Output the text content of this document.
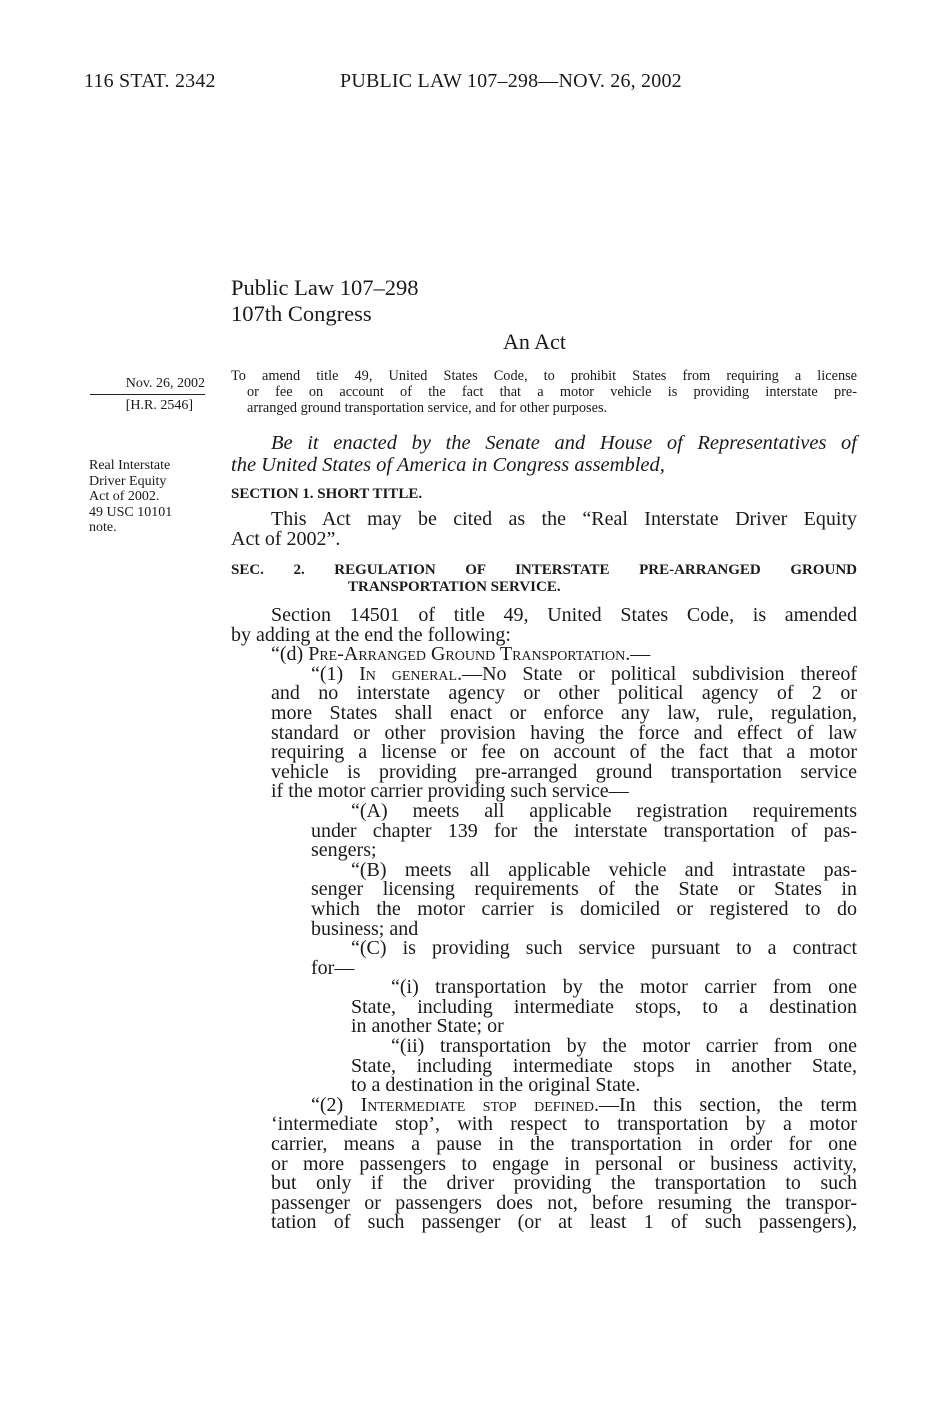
116 STAT. 2342	PUBLIC LAW 107–298—NOV. 26, 2002
Public Law 107–298
107th Congress
An Act
Nov. 26, 2002
[H.R. 2546]
To amend title 49, United States Code, to prohibit States from requiring a license
or fee on account of the fact that a motor vehicle is providing interstate pre-
arranged ground transportation service, and for other purposes.
Real Interstate
Driver Equity
Act of 2002.
49 USC 10101
note.
Be it enacted by the Senate and House of Representatives of
the United States of America in Congress assembled,
SECTION 1. SHORT TITLE.
This Act may be cited as the “Real Interstate Driver Equity
Act of 2002”.
SEC. 2. REGULATION OF INTERSTATE PRE-ARRANGED GROUND
TRANSPORTATION SERVICE.
Section 14501 of title 49, United States Code, is amended
by adding at the end the following:
“(d) Pre-Arranged Ground Transportation.—
“(1) In general.—No State or political subdivision thereof
and no interstate agency or other political agency of 2 or
more States shall enact or enforce any law, rule, regulation,
standard or other provision having the force and effect of law
requiring a license or fee on account of the fact that a motor
vehicle is providing pre-arranged ground transportation service
if the motor carrier providing such service—
“(A) meets all applicable registration requirements
under chapter 139 for the interstate transportation of pas-
sengers;
“(B) meets all applicable vehicle and intrastate pas-
senger licensing requirements of the State or States in
which the motor carrier is domiciled or registered to do
business; and
“(C) is providing such service pursuant to a contract
for—
“(i) transportation by the motor carrier from one
State, including intermediate stops, to a destination
in another State; or
“(ii) transportation by the motor carrier from one
State, including intermediate stops in another State,
to a destination in the original State.
“(2) Intermediate stop defined.—In this section, the term
‘intermediate stop’, with respect to transportation by a motor
carrier, means a pause in the transportation in order for one
or more passengers to engage in personal or business activity,
but only if the driver providing the transportation to such
passenger or passengers does not, before resuming the transpor-
tation of such passenger (or at least 1 of such passengers),
